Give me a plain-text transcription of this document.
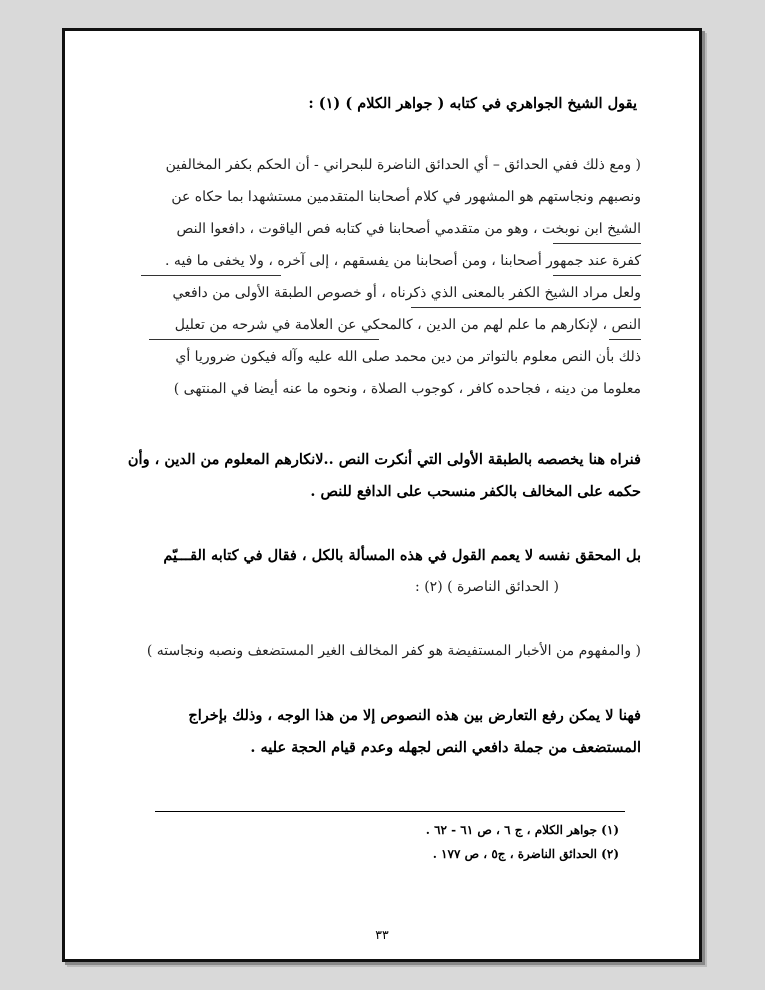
يقول الشيخ الجواهري في كتابه ( جواهر الكلام ) (١) :
( ومع ذلك ففي الحدائق – أي الحدائق الناضرة للبحراني - أن الحكم بكفر المخالفين
ونصبهم ونجاستهم هو المشهور في كلام أصحابنا المتقدمين مستشهدا بما حكاه عن
الشيخ ابن نوبخت ، وهو من متقدمي أصحابنا في كتابه فص الياقوت ، دافعوا النص
كفرة عند جمهور أصحابنا ، ومن أصحابنا من يفسقهم ، إلى آخره ، ولا يخفى ما فيه .
ولعل مراد الشيخ الكفر بالمعنى الذي ذكرناه ، أو خصوص الطبقة الأولى من دافعي
النص ، لإنكارهم ما علم لهم من الدين ، كالمحكي عن العلامة في شرحه من تعليل
ذلك بأن النص معلوم بالتواتر من دين محمد صلى الله عليه وآله فيكون ضروريا أي
معلوما من دينه ، فجاحده كافر ، كوجوب الصلاة ، ونحوه ما عنه أيضا في المنتهى )
فنراه هنا يخصصه بالطبقة الأولى التي أنكرت النص ..لانكارهم المعلوم من الدين ، وأن
حكمه على المخالف بالكفر منسحب على الدافع للنص .
بل المحقق نفسه لا يعمم القول في هذه المسألة بالكل ، فقال في كتابه القـــيّم
( الحدائق الناصرة ) (٢) :
( والمفهوم من الأخبار المستفيضة هو كفر المخالف الغير المستضعف ونصبه ونجاسته )
فهنا لا يمكن رفع التعارض بين هذه النصوص إلا من هذا الوجه ، وذلك بإخراج
المستضعف من جملة دافعي النص لجهله وعدم قيام الحجة عليه .
(١) جواهر الكلام ، ج ٦ ، ص ٦١ - ٦٢ .
(٢) الحدائق الناضرة ، ج٥ ، ص ١٧٧ .
٣٣
